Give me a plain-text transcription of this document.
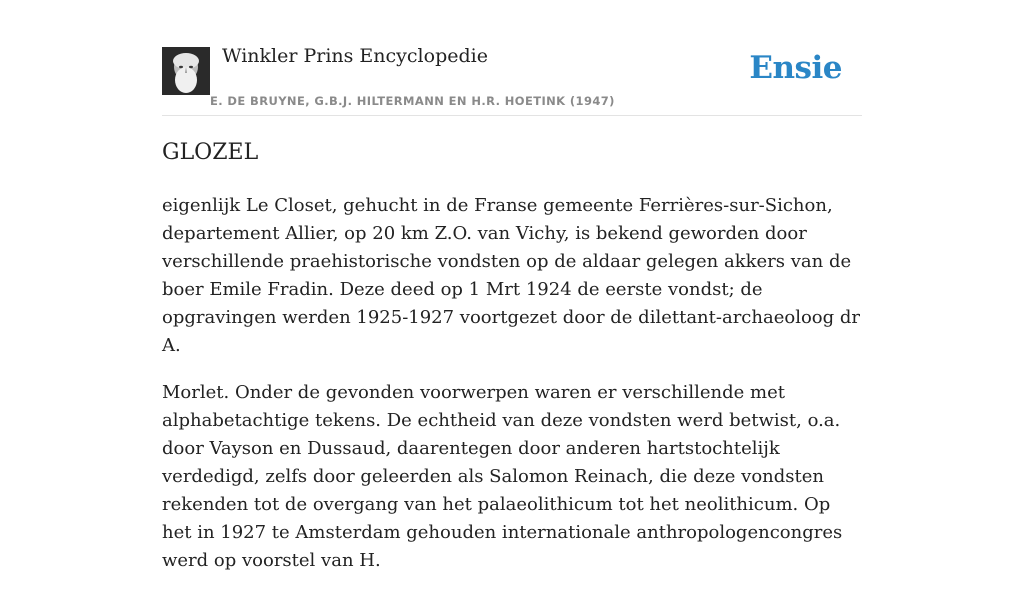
Winkler Prins Encyclopedie
E. DE BRUYNE, G.B.J. HILTERMANN EN H.R. HOETINK (1947)
Ensie
GLOZEL

eigenlijk Le Closet, gehucht in de Franse gemeente Ferrières-sur-Sichon, departement Allier, op 20 km Z.O. van Vichy, is bekend geworden door verschillende praehistorische vondsten op de aldaar gelegen akkers van de boer Emile Fradin. Deze deed op 1 Mrt 1924 de eerste vondst; de opgravingen werden 1925-1927 voortgezet door de dilettant-archaeoloog dr A.

Morlet. Onder de gevonden voorwerpen waren er verschillende met alphabetachtige tekens. De echtheid van deze vondsten werd betwist, o.a. door Vayson en Dussaud, daarentegen door anderen hartstochtelijk verdedigd, zelfs door geleerden als Salomon Reinach, die deze vondsten rekenden tot de overgang van het palaeolithicum tot het neolithicum. Op het in 1927 te Amsterdam gehouden internationale anthropologencongres werd op voorstel van H.
